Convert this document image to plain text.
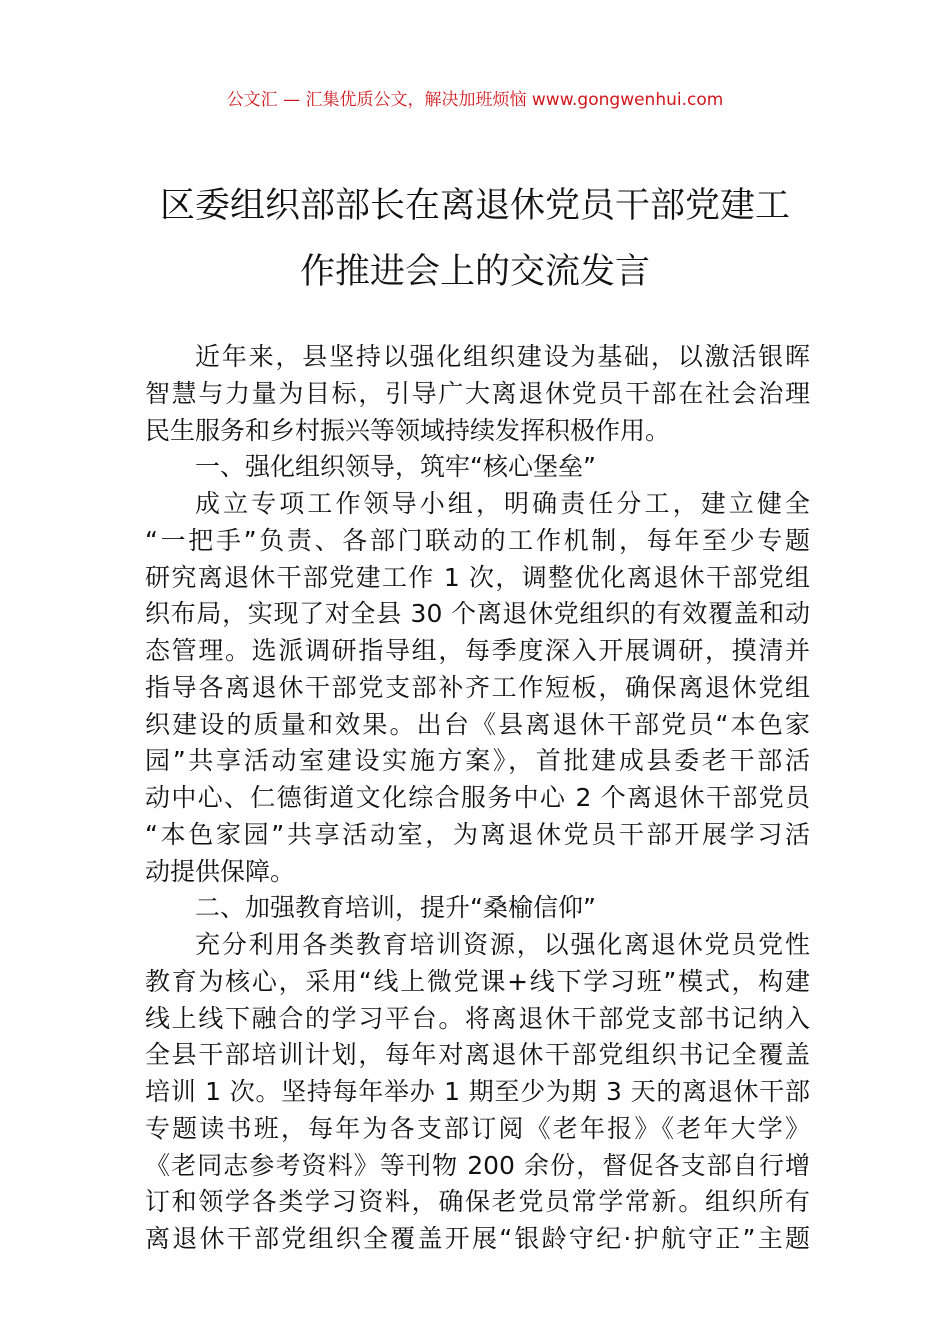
公文汇 — 汇集优质公文，解决加班烦恼 www.gongwenhui.com
区委组织部部长在离退休党员干部党建工
作推进会上的交流发言
近年来，县坚持以强化组织建设为基础，以激活银晖
智慧与力量为目标，引导广大离退休党员干部在社会治理
民生服务和乡村振兴等领域持续发挥积极作用。
一、强化组织领导，筑牢“核心堡垒”
成立专项工作领导小组，明确责任分工，建立健全
“一把手”负责、各部门联动的工作机制，每年至少专题
研究离退休干部党建工作 1 次，调整优化离退休干部党组
织布局，实现了对全县 30 个离退休党组织的有效覆盖和动
态管理。选派调研指导组，每季度深入开展调研，摸清并
指导各离退休干部党支部补齐工作短板，确保离退休党组
织建设的质量和效果。出台《县离退休干部党员“本色家
园”共享活动室建设实施方案》，首批建成县委老干部活
动中心、仁德街道文化综合服务中心 2 个离退休干部党员
“本色家园”共享活动室，为离退休党员干部开展学习活
动提供保障。
二、加强教育培训，提升“桑榆信仰”
充分利用各类教育培训资源，以强化离退休党员党性
教育为核心，采用“线上微党课+线下学习班”模式，构建
线上线下融合的学习平台。将离退休干部党支部书记纳入
全县干部培训计划，每年对离退休干部党组织书记全覆盖
培训 1 次。坚持每年举办 1 期至少为期 3 天的离退休干部
专题读书班，每年为各支部订阅《老年报》《老年大学》
《老同志参考资料》等刊物 200 余份，督促各支部自行增
订和领学各类学习资料，确保老党员常学常新。组织所有
离退休干部党组织全覆盖开展“银龄守纪·护航守正”主题
